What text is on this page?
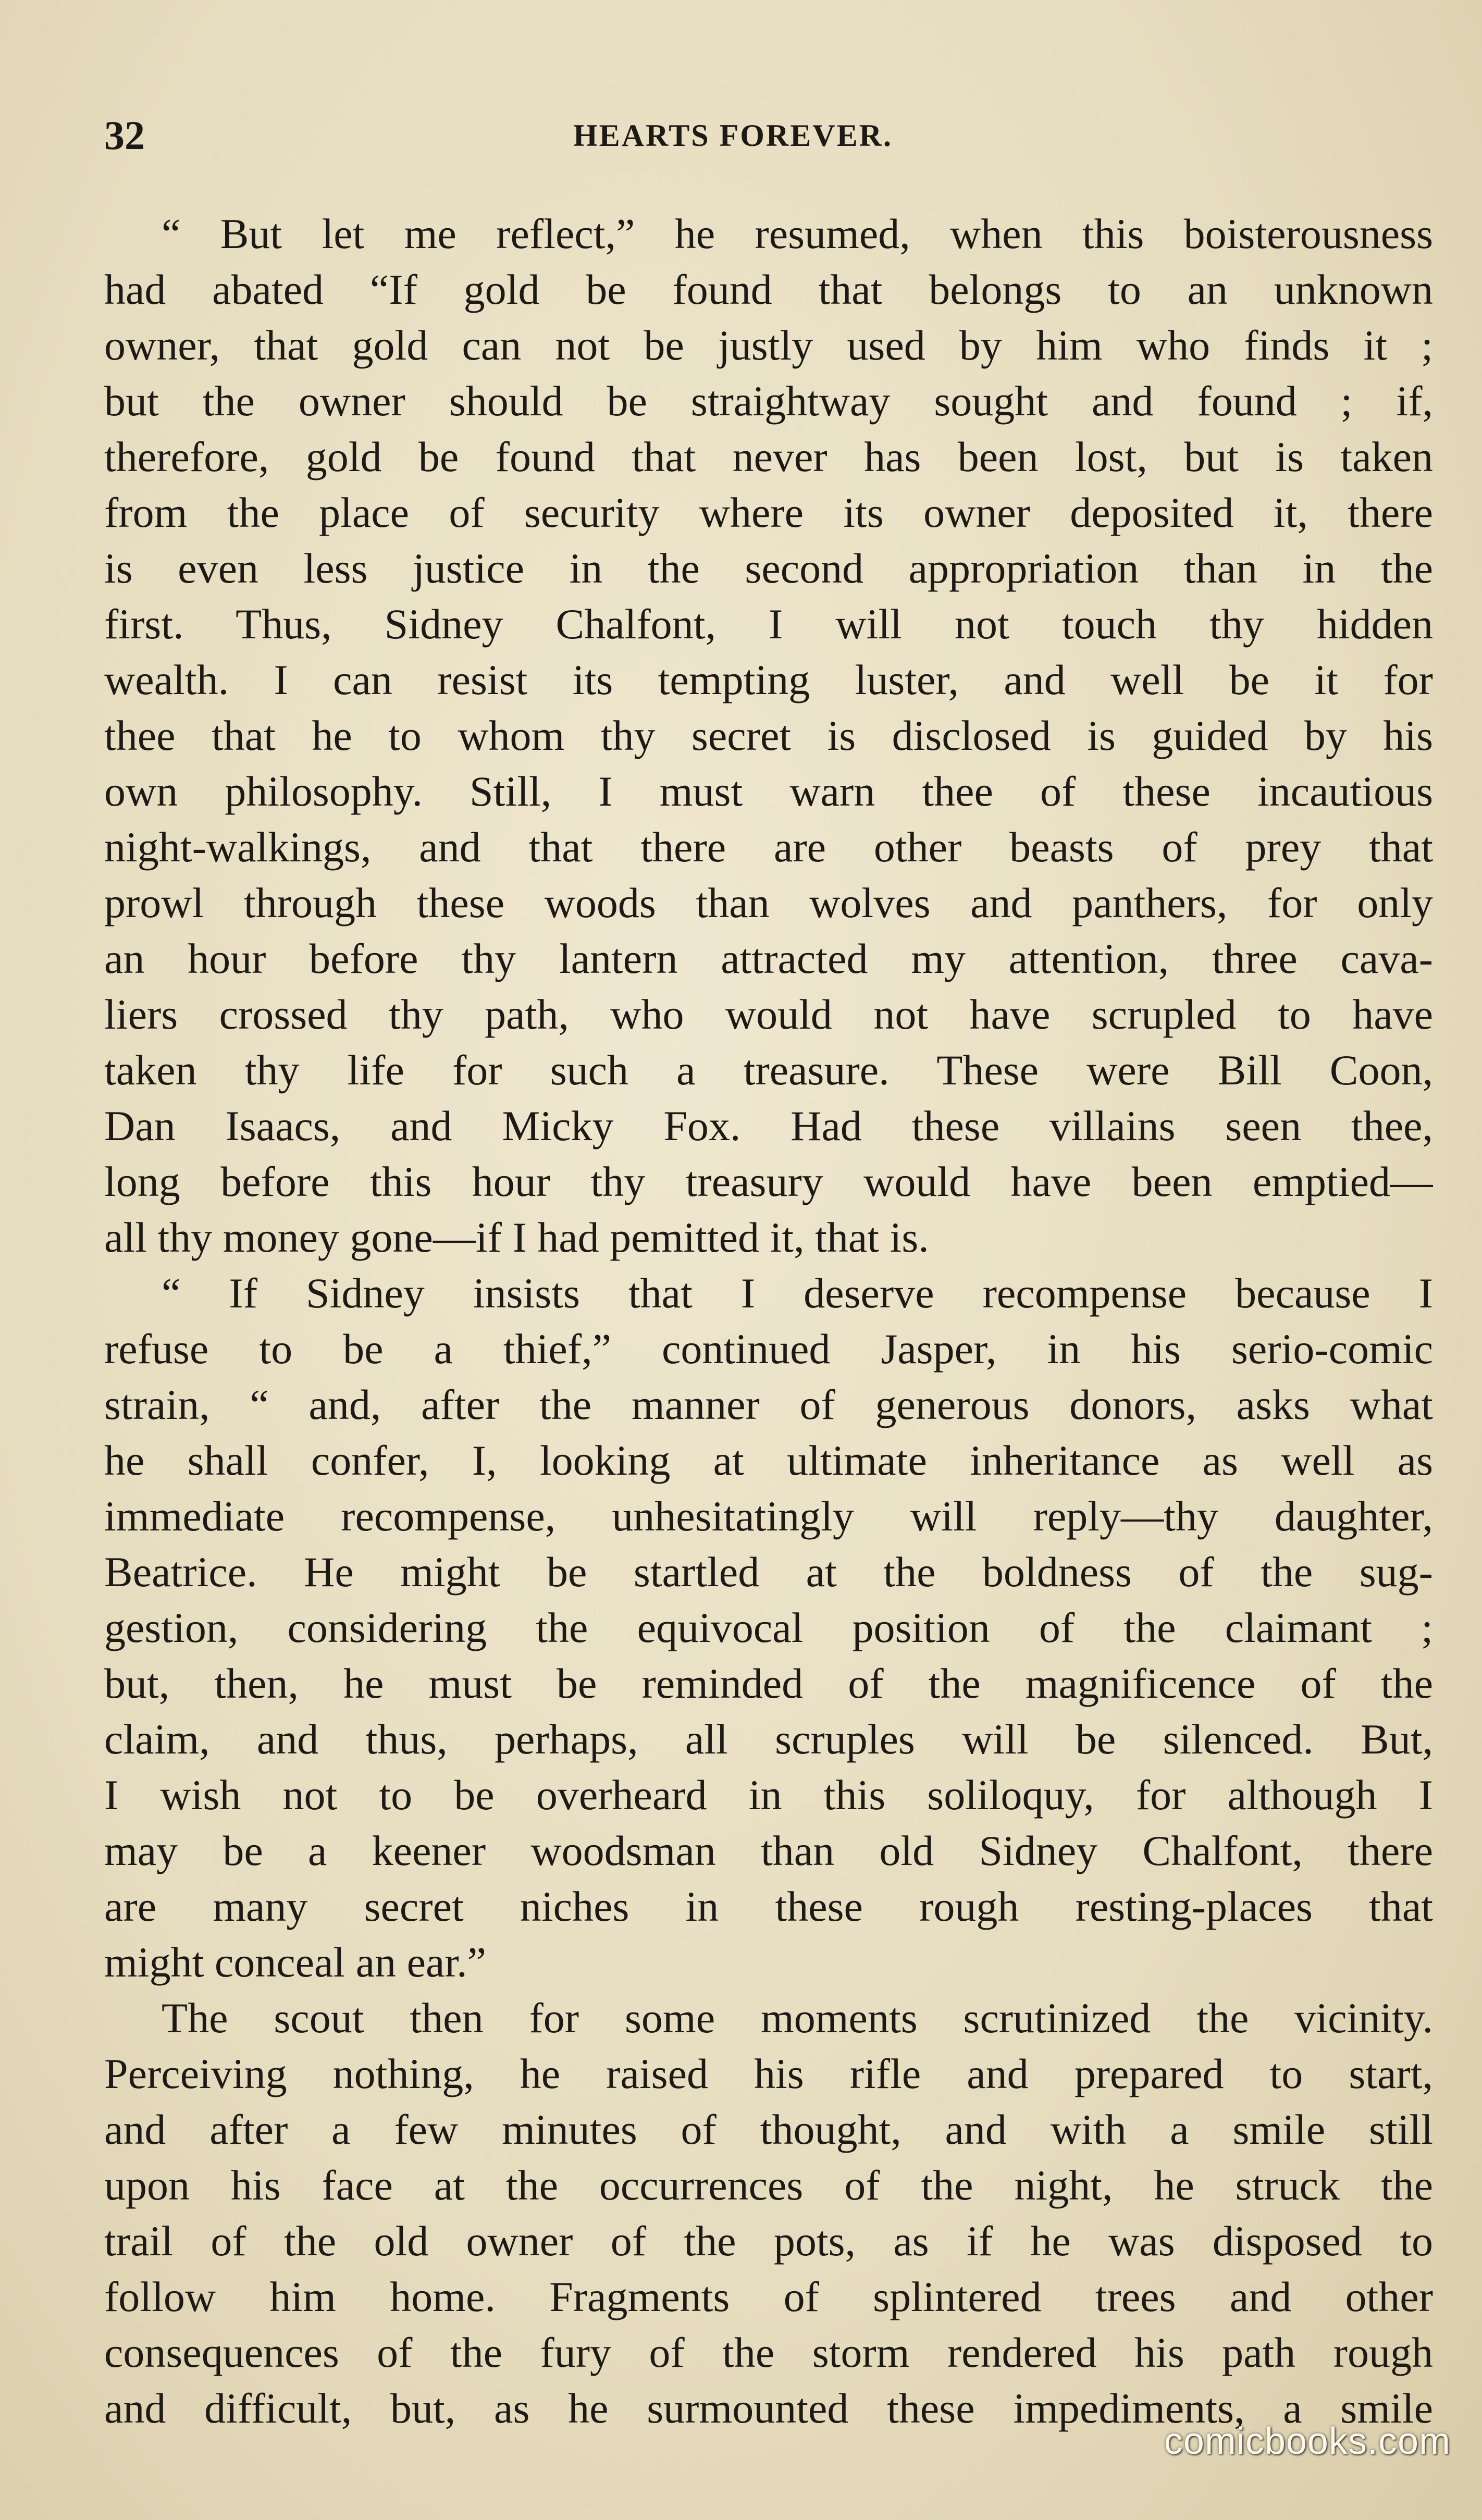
32	HEARTS FOREVER.
“ But let me reflect,” he resumed, when this boisterousness
had abated “If gold be found that belongs to an unknown
owner, that gold can not be justly used by him who finds it ;
but the owner should be straightway sought and found ; if,
therefore, gold be found that never has been lost, but is taken
from the place of security where its owner deposited it, there
is even less justice in the second appropriation than in the
first. Thus, Sidney Chalfont, I will not touch thy hidden
wealth. I can resist its tempting luster, and well be it for
thee that he to whom thy secret is disclosed is guided by his
own philosophy. Still, I must warn thee of these incautious
night-walkings, and that there are other beasts of prey that
prowl through these woods than wolves and panthers, for only
an hour before thy lantern attracted my attention, three cava-
liers crossed thy path, who would not have scrupled to have
taken thy life for such a treasure. These were Bill Coon,
Dan Isaacs, and Micky Fox. Had these villains seen thee,
long before this hour thy treasury would have been emptied—
all thy money gone—if I had pemitted it, that is.
“ If Sidney insists that I deserve recompense because I
refuse to be a thief,” continued Jasper, in his serio-comic
strain, “ and, after the manner of generous donors, asks what
he shall confer, I, looking at ultimate inheritance as well as
immediate recompense, unhesitatingly will reply—thy daughter,
Beatrice. He might be startled at the boldness of the sug-
gestion, considering the equivocal position of the claimant ;
but, then, he must be reminded of the magnificence of the
claim, and thus, perhaps, all scruples will be silenced. But,
I wish not to be overheard in this soliloquy, for although I
may be a keener woodsman than old Sidney Chalfont, there
are many secret niches in these rough resting-places that
might conceal an ear.”
The scout then for some moments scrutinized the vicinity.
Perceiving nothing, he raised his rifle and prepared to start,
and after a few minutes of thought, and with a smile still
upon his face at the occurrences of the night, he struck the
trail of the old owner of the pots, as if he was disposed to
follow him home. Fragments of splintered trees and other
consequences of the fury of the storm rendered his path rough
and difficult, but, as he surmounted these impediments, a smile
comicbooks.com
